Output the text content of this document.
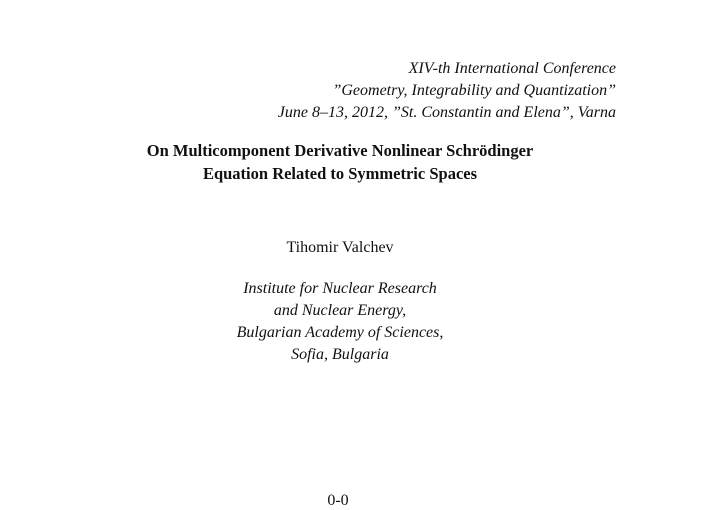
XIV-th International Conference
”Geometry, Integrability and Quantization”
June 8–13, 2012, ”St. Constantin and Elena”, Varna
On Multicomponent Derivative Nonlinear Schrödinger
Equation Related to Symmetric Spaces
Tihomir Valchev
Institute for Nuclear Research
and Nuclear Energy,
Bulgarian Academy of Sciences,
Sofia, Bulgaria
0-0
